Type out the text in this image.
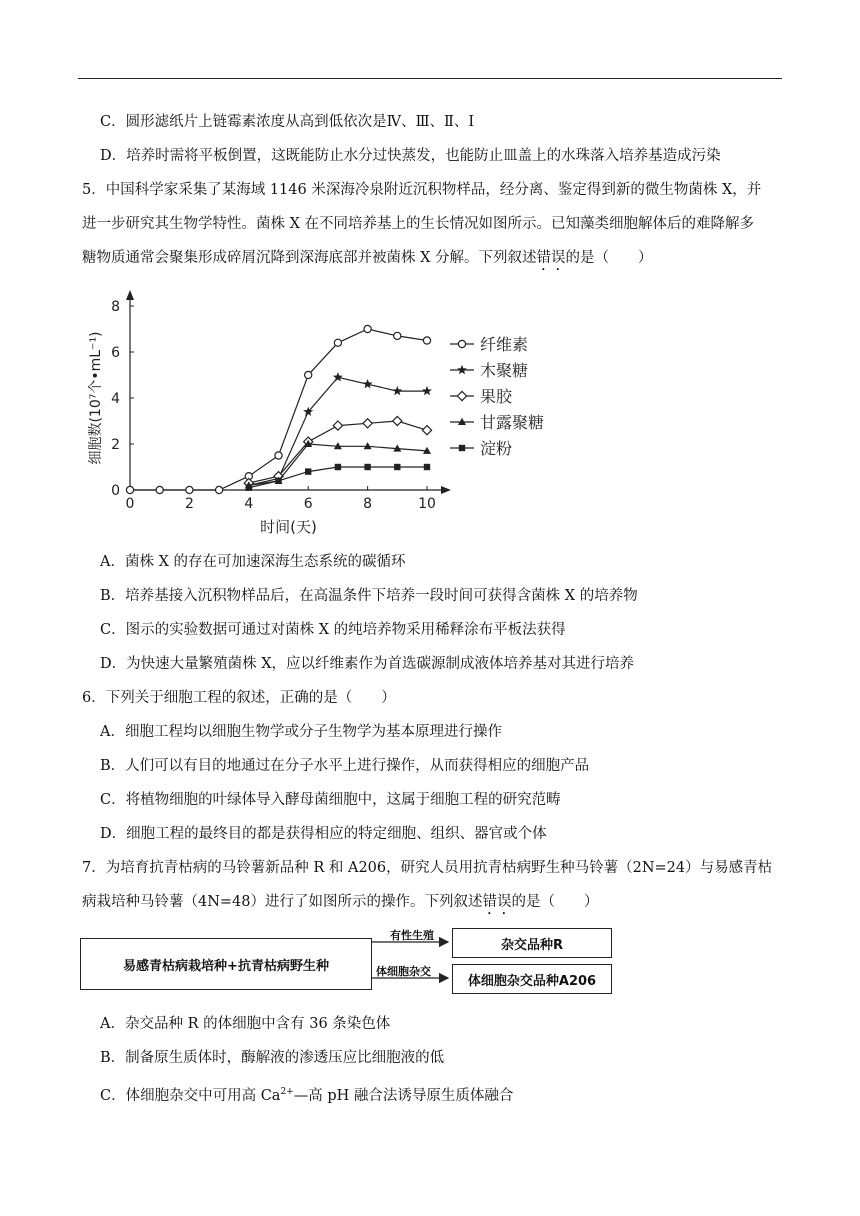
C．圆形滤纸片上链霉素浓度从高到低依次是Ⅳ、Ⅲ、Ⅱ、Ⅰ
D．培养时需将平板倒置，这既能防止水分过快蒸发，也能防止皿盖上的水珠落入培养基造成污染
5．中国科学家采集了某海域 1146 米深海冷泉附近沉积物样品，经分离、鉴定得到新的微生物菌株 X，并
进一步研究其生物学特性。菌株 X 在不同培养基上的生长情况如图所示。已知藻类细胞解体后的难降解多
糖物质通常会聚集形成碎屑沉降到深海底部并被菌株 X 分解。下列叙述错误的是（　　）
0	2	4	6	8	10
0
2
4
6
8
时间(天)
细胞数(10⁷个•mL⁻¹)	纤维素
木聚糖
果胶
甘露聚糖
淀粉
A．菌株 X 的存在可加速深海生态系统的碳循环
B．培养基接入沉积物样品后，在高温条件下培养一段时间可获得含菌株 X 的培养物
C．图示的实验数据可通过对菌株 X 的纯培养物采用稀释涂布平板法获得
D．为快速大量繁殖菌株 X，应以纤维素作为首选碳源制成液体培养基对其进行培养
6．下列关于细胞工程的叙述，正确的是（　　）
A．细胞工程均以细胞生物学或分子生物学为基本原理进行操作
B．人们可以有目的地通过在分子水平上进行操作，从而获得相应的细胞产品
C．将植物细胞的叶绿体导入酵母菌细胞中，这属于细胞工程的研究范畴
D．细胞工程的最终目的都是获得相应的特定细胞、组织、器官或个体
7．为培育抗青枯病的马铃薯新品种 R 和 A206，研究人员用抗青枯病野生种马铃薯（2N=24）与易感青枯
病栽培种马铃薯（4N=48）进行了如图所示的操作。下列叙述错误的是（　　）
易感青枯病栽培种+抗青枯病野生种
有性生殖
体细胞杂交
杂交品种R
体细胞杂交品种A206
A．杂交品种 R 的体细胞中含有 36 条染色体
B．制备原生质体时，酶解液的渗透压应比细胞液的低
C．体细胞杂交中可用高 $Ca^{2+}—$高 pH 融合法诱导原生质体融合
